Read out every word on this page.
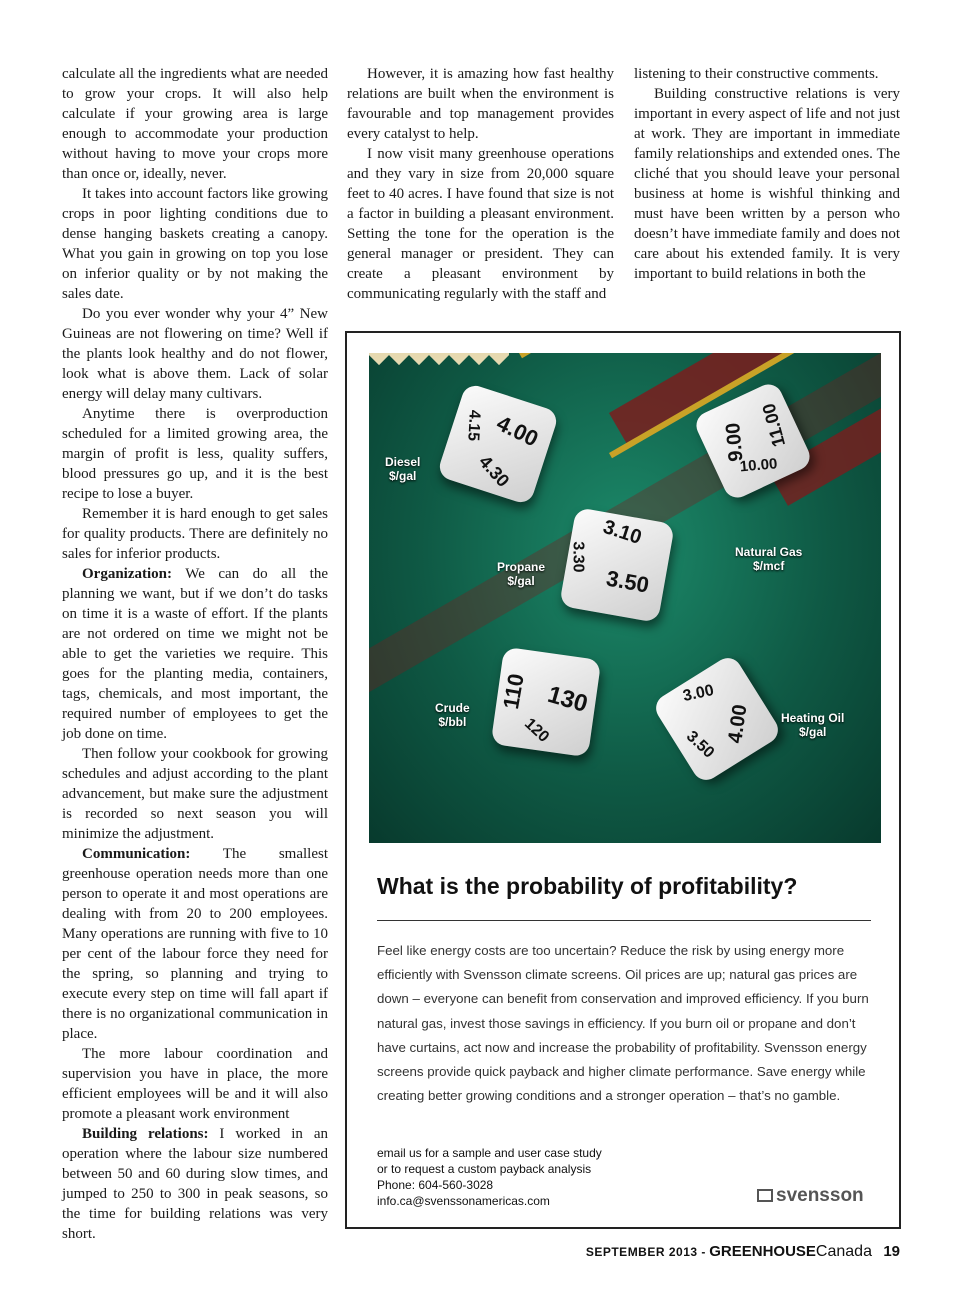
calculate all the ingredients what are needed to grow your crops. It will also help calculate if your growing area is large enough to accommodate your production without having to move your crops more than once or, ideally, never.

It takes into account factors like growing crops in poor lighting conditions due to dense hanging baskets creating a canopy. What you gain in growing on top you lose on inferior quality or by not making the sales date.

Do you ever wonder why your 4” New Guineas are not flowering on time? Well if the plants look healthy and do not flower, look what is above them. Lack of solar energy will delay many cultivars.

Anytime there is overproduction scheduled for a limited growing area, the margin of profit is less, quality suffers, blood pressures go up, and it is the best recipe to lose a buyer.

Remember it is hard enough to get sales for quality products. There are definitely no sales for inferior products.

Organization: We can do all the planning we want, but if we don’t do tasks on time it is a waste of effort. If the plants are not ordered on time we might not be able to get the varieties we require. This goes for the planting media, containers, tags, chemicals, and most important, the required number of employees to get the job done on time.

Then follow your cookbook for growing schedules and adjust according to the plant advancement, but make sure the adjustment is recorded so next season you will minimize the adjustment.

Communication: The smallest greenhouse operation needs more than one person to operate it and most operations are dealing with from 20 to 200 employees. Many operations are running with five to 10 per cent of the labour force they need for the spring, so planning and trying to execute every step on time will fall apart if there is no organizational communication in place.

The more labour coordination and supervision you have in place, the more efficient employees will be and it will also promote a pleasant work environment

Building relations: I worked in an operation where the labour size numbered between 50 and 60 during slow times, and jumped to 250 to 300 in peak seasons, so the time for building relations was very short.

However, it is amazing how fast healthy relations are built when the environment is favourable and top management provides every catalyst to help.

I now visit many greenhouse operations and they vary in size from 20,000 square feet to 40 acres. I have found that size is not a factor in building a pleasant environment. Setting the tone for the operation is the general manager or president. They can create a pleasant environment by communicating regularly with the staff and

listening to their constructive comments.

Building constructive relations is very important in every aspect of life and not just at work. They are important in immediate family relationships and extended ones. The cliché that you should leave your personal business at home is wishful thinking and must have been written by a person who doesn’t have immediate family and does not care about his extended family. It is very important to build relations in both the

4.00
4.15
4.30
9.00
10.00
11.00
3.10
3.30
3.50
110 130
120
3.00
3.50
4.00
Diesel
$/gal
Propane
$/gal
Natural Gas
$/mcf
Crude
$/bbl	Heating Oil
$/gal
What is the probability of profitability?
Feel like energy costs are too uncertain? Reduce the risk by using energy more efficiently with Svensson climate screens. Oil prices are up; natural gas prices are down – everyone can benefit from conservation and improved efficiency. If you burn natural gas, invest those savings in efficiency. If you burn oil or propane and don’t have curtains, act now and increase the probability of profitability. Svensson energy screens provide quick payback and higher climate performance. Save energy while creating better growing conditions and a stronger operation – that’s no gamble.
email us for a sample and user case study
or to request a custom payback analysis
Phone: 604-560-3028
info.ca@svenssonamericas.com	svensson
SEPTEMBER 2013 - GREENHOUSECanada 19
